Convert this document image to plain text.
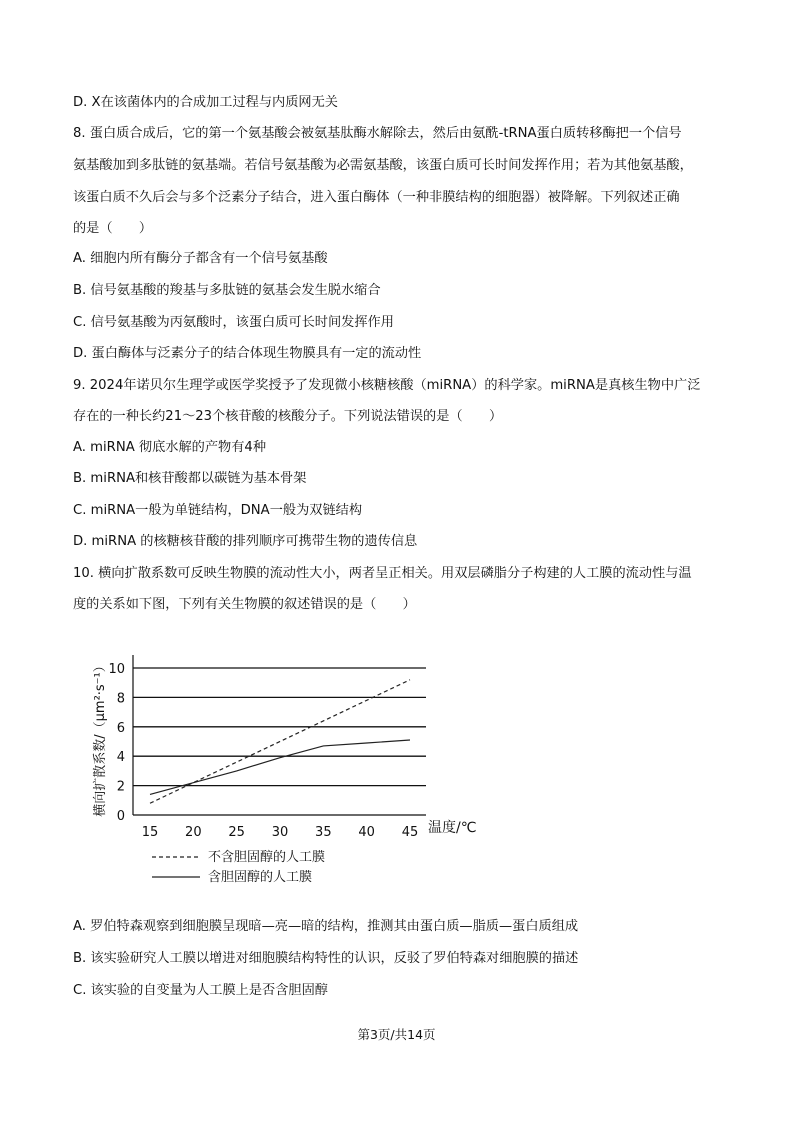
D. X在该菌体内的合成加工过程与内质网无关
8. 蛋白质合成后，它的第一个氨基酸会被氨基肽酶水解除去，然后由氨酰-tRNA蛋白质转移酶把一个信号
氨基酸加到多肽链的氨基端。若信号氨基酸为必需氨基酸，该蛋白质可长时间发挥作用；若为其他氨基酸，
该蛋白质不久后会与多个泛素分子结合，进入蛋白酶体（一种非膜结构的细胞器）被降解。下列叙述正确
的是（　　）
A. 细胞内所有酶分子都含有一个信号氨基酸
B. 信号氨基酸的羧基与多肽链的氨基会发生脱水缩合
C. 信号氨基酸为丙氨酸时，该蛋白质可长时间发挥作用
D. 蛋白酶体与泛素分子的结合体现生物膜具有一定的流动性
9. 2024年诺贝尔生理学或医学奖授予了发现微小核糖核酸（miRNA）的科学家。miRNA是真核生物中广泛
存在的一种长约21～23个核苷酸的核酸分子。下列说法错误的是（　　）
A. miRNA 彻底水解的产物有4种
B. miRNA和核苷酸都以碳链为基本骨架
C. miRNA一般为单链结构，DNA一般为双链结构
D. miRNA 的核糖核苷酸的排列顺序可携带生物的遗传信息
10. 横向扩散系数可反映生物膜的流动性大小，两者呈正相关。用双层磷脂分子构建的人工膜的流动性与温
度的关系如下图，下列有关生物膜的叙述错误的是（　　）
0
2
4
6
8
10
15 20 25 30 35 40 45
横向扩散系数/（μm²·s⁻¹）
温度/℃
不含胆固醇的人工膜
含胆固醇的人工膜
A. 罗伯特森观察到细胞膜呈现暗—亮—暗的结构，推测其由蛋白质—脂质—蛋白质组成
B. 该实验研究人工膜以增进对细胞膜结构特性的认识，反驳了罗伯特森对细胞膜的描述
C. 该实验的自变量为人工膜上是否含胆固醇
第3页/共14页
